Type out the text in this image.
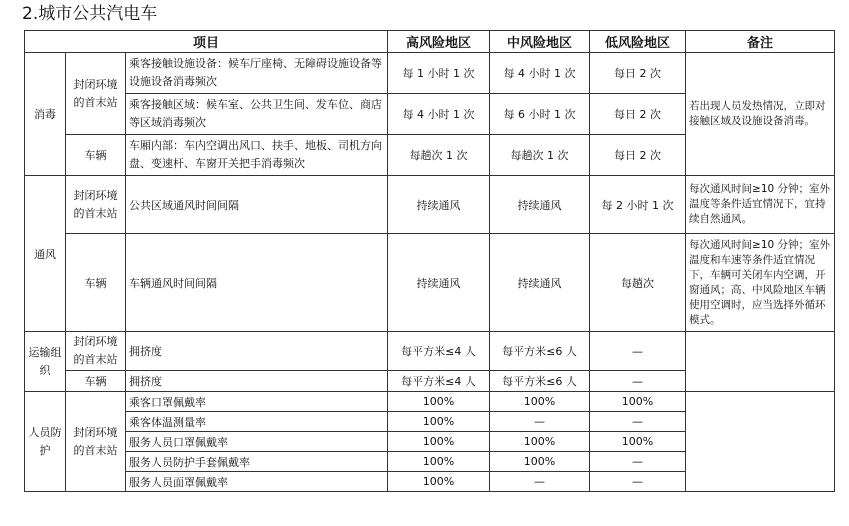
2.城市公共汽电车
项目			高风险地区	中风险地区	低风险地区	备注
消毒	封闭环境的首末站	乘客接触设施设备：候车厅座椅、无障碍设施设备等设施设备消毒频次	每 1 小时 1 次	每 4 小时 1 次	每日 2 次	若出现人员发热情况，立即对接触区域及设施设备消毒。
		乘客接触区域：候车室、公共卫生间、发车位、商店等区域消毒频次	每 4 小时 1 次	每 6 小时 1 次	每日 2 次	
	车辆	车厢内部：车内空调出风口、扶手、地板、司机方向盘、变速杆、车窗开关把手消毒频次	每趟次 1 次	每趟次 1 次	每日 2 次	
通风	封闭环境的首末站	公共区域通风时间间隔	持续通风	持续通风	每 2 小时 1 次	每次通风时间≥10 分钟；室外温度等条件适宜情况下，宜持续自然通风。
	车辆	车辆通风时间间隔	持续通风	持续通风	每趟次	每次通风时间≥10 分钟；室外温度和车速等条件适宜情况下，车辆可关闭车内空调，开窗通风；高、中风险地区车辆使用空调时，应当选择外循环模式。
运输组织	封闭环境的首末站	拥挤度	每平方米≤4 人	每平方米≤6 人	—	
	车辆	拥挤度	每平方米≤4 人	每平方米≤6 人	—	
人员防护	封闭环境的首末站	乘客口罩佩戴率	100%	100%	100%	
		乘客体温测量率	100%	—	—	
		服务人员口罩佩戴率	100%	100%	100%	
		服务人员防护手套佩戴率	100%	100%	—	
		服务人员面罩佩戴率	100%	—	—	
